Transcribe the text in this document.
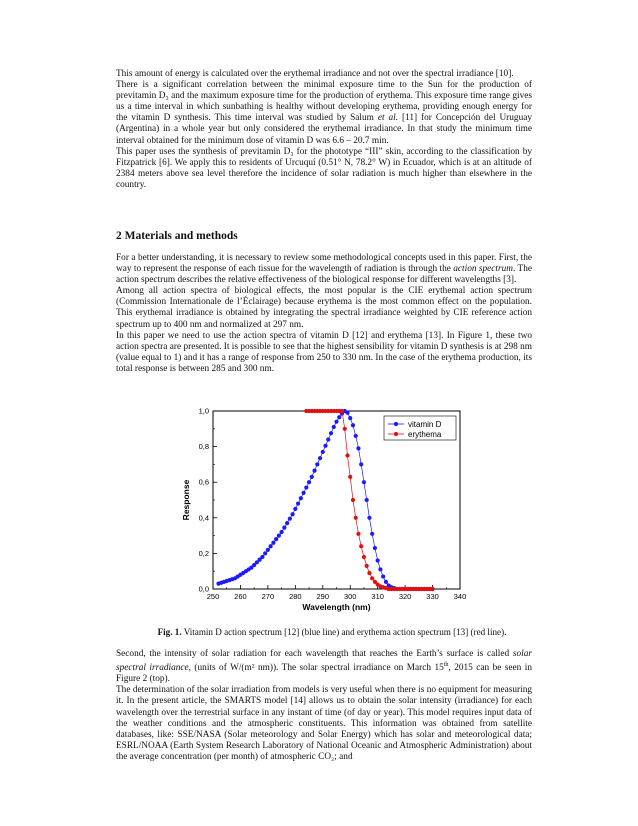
This amount of energy is calculated over the erythemal irradiance and not over the spectral irradiance [10].

There is a significant correlation between the minimal exposure time to the Sun for the production of previtamin D₃ and the maximum exposure time for the production of erythema. This exposure time range gives us a time interval in which sunbathing is healthy without developing erythema, providing enough energy for the vitamin D synthesis. This time interval was studied by Salum et al. [11] for Concepción del Uruguay (Argentina) in a whole year but only considered the erythemal irradiance. In that study the minimum time interval obtained for the minimum dose of vitamin D was 6.6 – 20.7 min.

This paper uses the synthesis of previtamin D₃ for the phototype “III” skin, according to the classification by Fitzpatrick [6]. We apply this to residents of Urcuquí (0.51° N, 78.2° W) in Ecuador, which is at an altitude of 2384 meters above sea level therefore the incidence of solar radiation is much higher than elsewhere in the country.

2 Materials and methods

For a better understanding, it is necessary to review some methodological concepts used in this paper. First, the way to represent the response of each tissue for the wavelength of radiation is through the action spectrum. The action spectrum describes the relative effectiveness of the biological response for different wavelengths [3].

Among all action spectra of biological effects, the most popular is the CIE erythemal action spectrum (Commission Internationale de l’Éclairage) because erythema is the most common effect on the population. This erythemal irradiance is obtained by integrating the spectral irradiance weighted by CIE reference action spectrum up to 400 nm and normalized at 297 nm.

In this paper we need to use the action spectra of vitamin D [12] and erythema [13]. In Figure 1, these two action spectra are presented. It is possible to see that the highest sensibility for vitamin D synthesis is at 298 nm (value equal to 1) and it has a range of response from 250 to 330 nm. In the case of the erythema production, its total response is between 285 and 300 nm.

250 260 270 280 290 300 310 320 330 340
0,0
0,2
0,4
0,6
0,8
1,0
Wavelength (nm)
Response
vitamin D
erythema
Fig. 1. Vitamin D action spectrum [12] (blue line) and erythema action spectrum [13] (red line).

Second, the intensity of solar radiation for each wavelength that reaches the Earth’s surface is called solar spectral irradiance, (units of W/(m² nm)). The solar spectral irradiance on March 15th, 2015 can be seen in Figure 2 (top).

The determination of the solar irradiation from models is very useful when there is no equipment for measuring it. In the present article, the SMARTS model [14] allows us to obtain the solar intensity (irradiance) for each wavelength over the terrestrial surface in any instant of time (of day or year). This model requires input data of the weather conditions and the atmospheric constituents. This information was obtained from satellite databases, like: SSE/NASA (Solar meteorology and Solar Energy) which has solar and meteorological data; ESRL/NOAA (Earth System Research Laboratory of National Oceanic and Atmospheric Administration) about the average concentration (per month) of atmospheric CO₂; and
